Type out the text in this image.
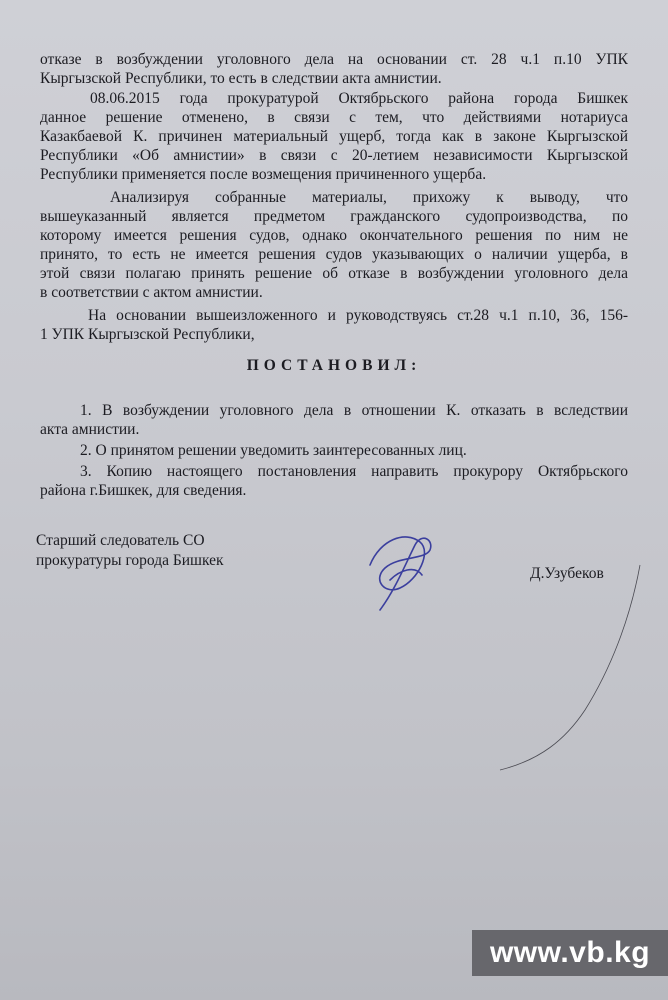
отказе в возбуждении уголовного дела на основании ст. 28 ч.1 п.10 УПК
Кыргызской Республики, то есть в следствии акта амнистии.
08.06.2015 года прокуратурой Октябрьского района города Бишкек
данное решение отменено, в связи с тем, что действиями нотариуса
Казакбаевой К. причинен материальный ущерб, тогда как в законе Кыргызской
Республики «Об амнистии» в связи с 20-летием независимости Кыргызской
Республики применяется после возмещения причиненного ущерба.
Анализируя собранные материалы, прихожу к выводу, что
вышеуказанный является предметом гражданского судопроизводства, по
которому имеется решения судов, однако окончательного решения по ним не
принято, то есть не имеется решения судов указывающих о наличии ущерба, в
этой связи полагаю принять решение об отказе в возбуждении уголовного дела
в соответствии с актом амнистии.
На основании вышеизложенного и руководствуясь ст.28 ч.1 п.10, 36, 156-
1 УПК Кыргызской Республики,
ПОСТАНОВИЛ:
1. В возбуждении уголовного дела в отношении К. отказать в вследствии
акта амнистии.
2. О принятом решении уведомить заинтересованных лиц.
3. Копию настоящего постановления направить прокурору Октябрьского
района г.Бишкек, для сведения.
Старший следователь СО
прокуратуры города Бишкек
Д.Узубеков
www.vb.kg
